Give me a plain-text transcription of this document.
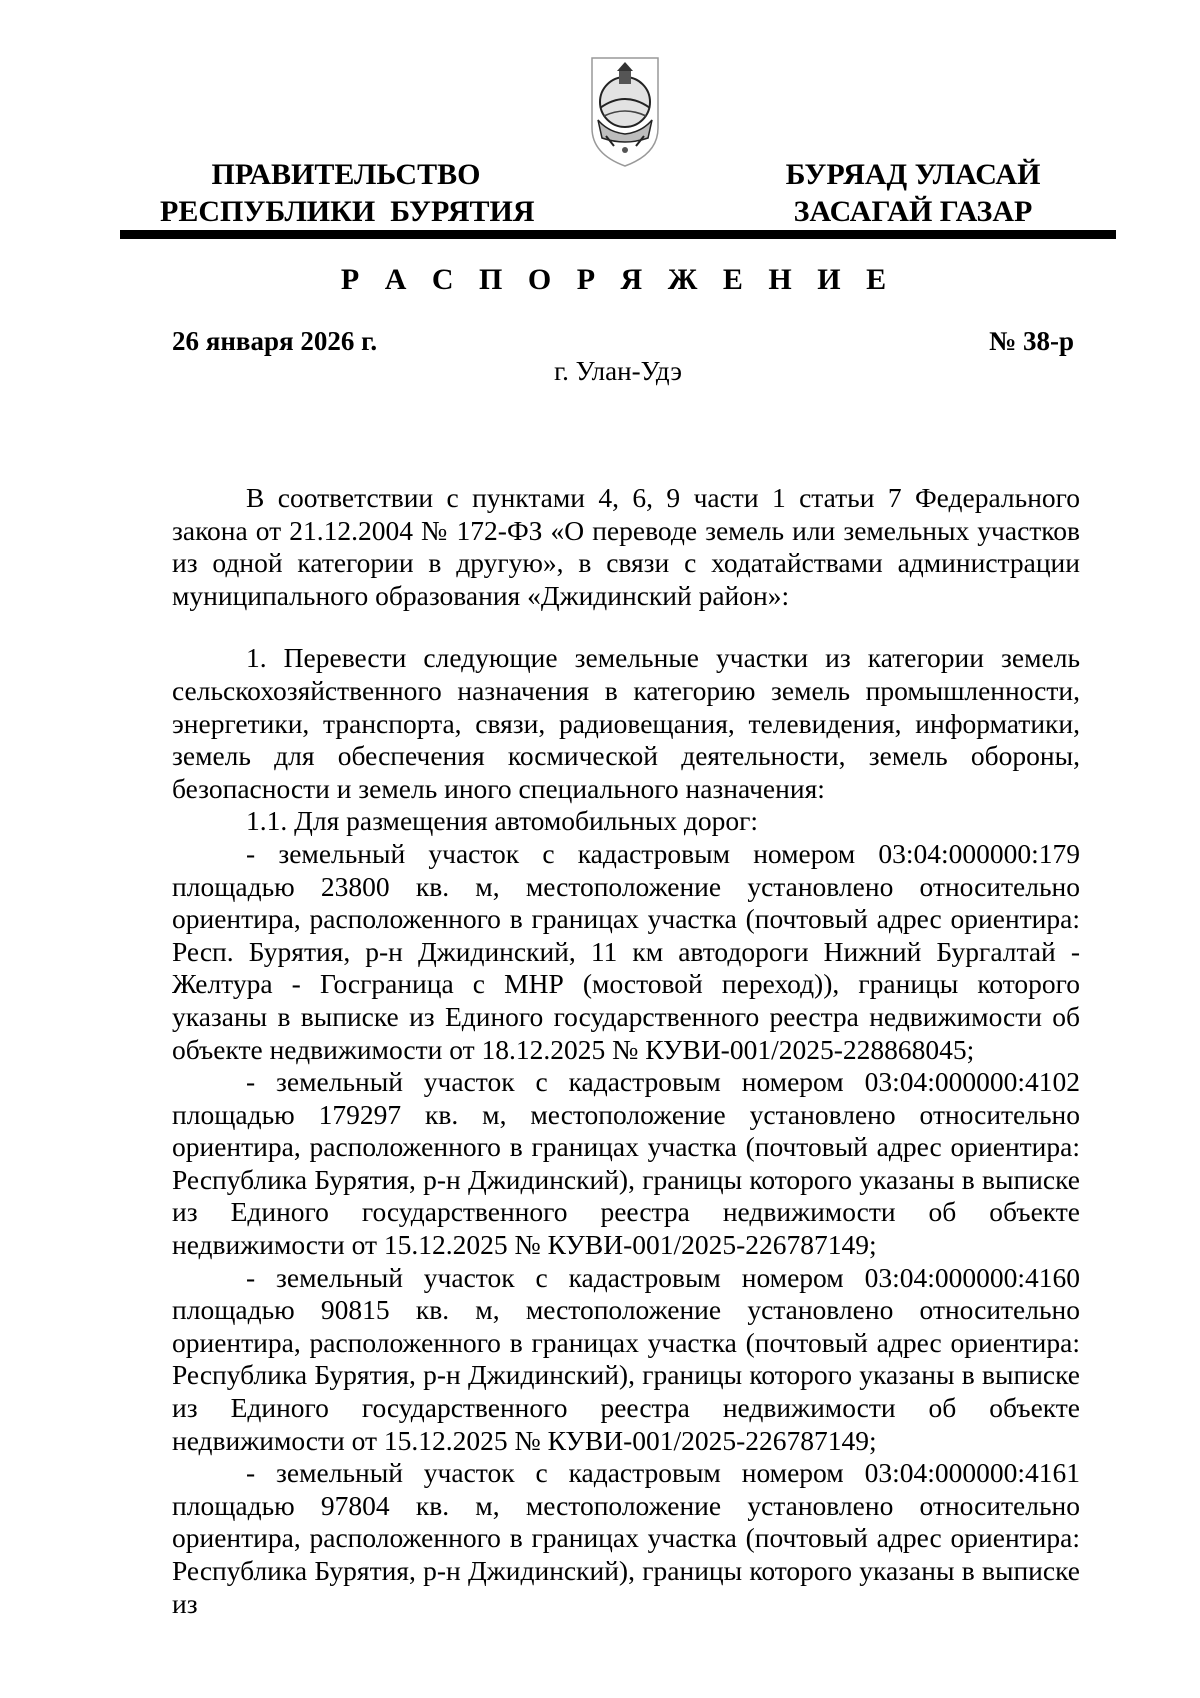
ПРАВИТЕЛЬСТВО
РЕСПУБЛИКИ  БУРЯТИЯ
БУРЯАД УЛАСАЙ
ЗАСАГАЙ ГАЗАР
Р А С П О Р Я Ж Е Н И Е
26 января 2026 г.	№ 38-р
г. Улан-Удэ

В соответствии с пунктами 4, 6, 9 части 1 статьи 7 Федерального закона от 21.12.2004 № 172-ФЗ «О переводе земель или земельных участков из одной категории в другую», в связи с ходатайствами администрации муниципального образования «Джидинский район»:

1. Перевести следующие земельные участки из категории земель сельскохозяйственного назначения в категорию земель промышленности, энергетики, транспорта, связи, радиовещания, телевидения, информатики, земель для обеспечения космической деятельности, земель обороны, безопасности и земель иного специального назначения:

1.1. Для размещения автомобильных дорог:

- земельный участок с кадастровым номером 03:04:000000:179 площадью 23800 кв. м, местоположение установлено относительно ориентира, расположенного в границах участка (почтовый адрес ориентира: Респ. Бурятия, р-н Джидинский, 11 км автодороги Нижний Бургалтай - Желтура - Госграница с МНР (мостовой переход)), границы которого указаны в выписке из Единого государственного реестра недвижимости об объекте недвижимости от 18.12.2025 № КУВИ-001/2025-228868045;

- земельный участок с кадастровым номером 03:04:000000:4102 площадью 179297 кв. м, местоположение установлено относительно ориентира, расположенного в границах участка (почтовый адрес ориентира: Республика Бурятия, р-н Джидинский), границы которого указаны в выписке из Единого государственного реестра недвижимости об объекте недвижимости от 15.12.2025 № КУВИ-001/2025-226787149;

- земельный участок с кадастровым номером 03:04:000000:4160 площадью 90815 кв. м, местоположение установлено относительно ориентира, расположенного в границах участка (почтовый адрес ориентира: Республика Бурятия, р-н Джидинский), границы которого указаны в выписке из Единого государственного реестра недвижимости об объекте недвижимости от 15.12.2025 № КУВИ-001/2025-226787149;

- земельный участок с кадастровым номером 03:04:000000:4161 площадью 97804 кв. м, местоположение установлено относительно ориентира, расположенного в границах участка (почтовый адрес ориентира: Республика Бурятия, р-н Джидинский), границы которого указаны в выписке из
